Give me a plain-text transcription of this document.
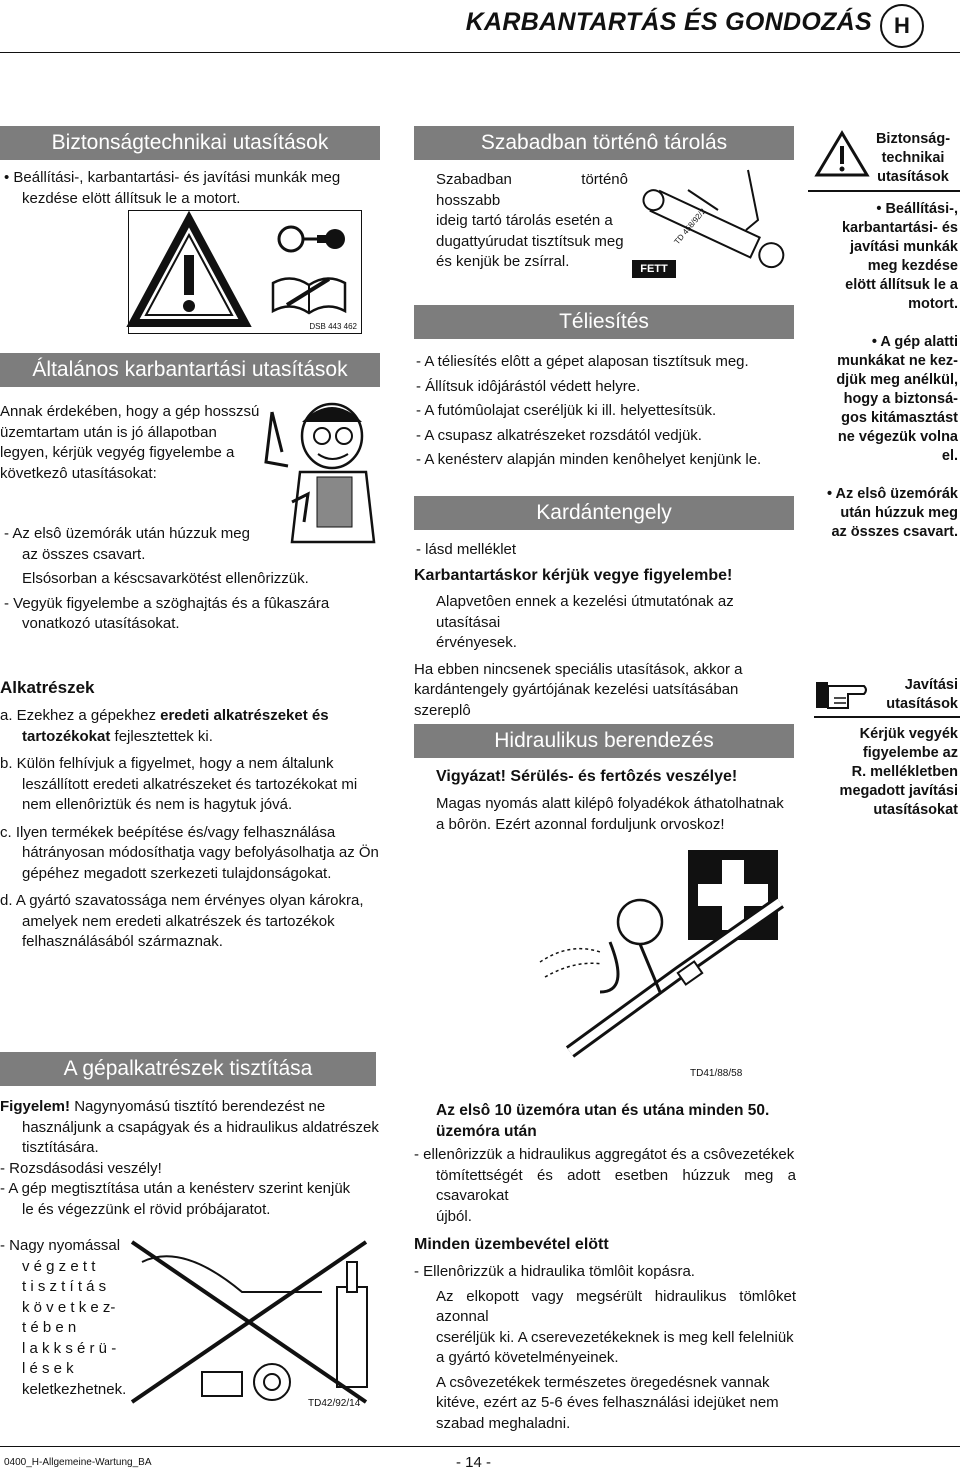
KARBANTARTÁS ÉS GONDOZÁS	H
Biztonságtechnikai utasítások
• Beállítási-, karbantartási- és javítási munkák meg
kezdése elött állítsuk le a motort.
DSB 443 462
Általános karbantartási utasítások
Annak érdekében, hogy a gép hosszsú
üzemtartam után is jó állapotban
legyen, kérjük vegyég figyelembe a
következô utasításokat:
- Az elsô üzemórák után húzzuk meg
az összes csavart.
Elsósorban a késcsavarkötést ellenôrizzük.
- Vegyük figyelembe a szöghajtás és a fûkaszára
vonatkozó utasításokat.
Alkatrészek
a. Ezekhez a gépekhez eredeti alkatrészeket és
tartozékokat fejlesztettek ki.
b. Külön felhívjuk a figyelmet, hogy a nem általunk
leszállított eredeti alkatrészeket és tartozékokat mi
nem ellenôriztük és nem is hagytuk jóvá.
c. Ilyen termékek beépítése és/vagy felhasználása
hátrányosan módosíthatja vagy befolyásolhatja az Ön
gépéhez megadott szerkezeti tulajdonságokat.
d. A gyártó szavatossága nem érvényes olyan károkra,
amelyek nem eredeti alkatrészek és tartozékok
felhasználásából származnak.
A gépalkatrészek tisztítása
Figyelem! Nagynyomású tisztító berendezést ne
használjunk a csapágyak és a hidraulikus aldatrészek
tisztítására.
- Rozsdásodási veszély!
- A gép megtisztítása után a kenésterv szerint kenjük
le és végezzünk el rövid próbájaratot.
- Nagy nyomással
v é g z e t t
t i s z t í t á s
k ö v e t k e z-
t é b e n
l a k k s é r ü -
l é s e k
keletkezhetnek.
TD42/92/14
Szabadban történô tárolás
Szabadban történô hosszabb
ideig tartó tárolás esetén a
dugattyúrudat tisztítsuk meg
és kenjük be zsírral.
TD 458/92/2
FETT
Téliesítés
- A téliesítés elôtt a gépet alaposan tisztítsuk meg.
- Állítsuk idôjárástól védett helyre.
- A futómûolajat cseréljük ki ill. helyettesítsük.
- A csupasz alkatrészeket rozsdától vedjük.
- A kenésterv alapján minden kenôhelyet kenjünk le.
Kardántengely
- lásd melléklet
Karbantartáskor kérjük vegye figyelembe!
Alapvetôen ennek a kezelési útmutatónak az utasításai
érvényesek.
Ha ebben nincsenek speciális utasítások, akkor a
kardántengely gyártójának kezelési uatsításában szereplô
Hidraulikus berendezés
Vigyázat! Sérülés- és fertôzés veszélye!
Magas nyomás alatt kilépô folyadékok áthatolhatnak
a bôrön. Ezért azonnal forduljunk orvoskoz!
TD41/88/58
Az elsô 10 üzemóra utan és utána minden 50.
üzemóra után
- ellenôrizzük a hidraulikus aggregátot és a csôvezetékek
tömítettségét és adott esetben húzzuk meg a csavarokat
újból.
Minden üzembevétel elött
- Ellenôrizzük a hidraulika tömlôit kopásra.
Az elkopott vagy megsérült hidraulikus tömlôket azonnal
cseréljük ki. A cserevezetékeknek is meg kell felelniük
a gyártó követelményeinek.
A csôvezetékek természetes öregedésnek vannak
kitéve, ezért az 5-6 éves felhasználási idejüket nem
szabad meghaladni.
Biztonság-
technikai
utasítások
• Beállítási-,
karbantartási- és
javítási munkák
meg kezdése
elött állítsuk le a
motort.
• A gép alatti
munkákat ne kez-
djük meg anélkül,
hogy a biztonsá-
gos kitámasztást
ne végezük volna
el.
• Az elsô üzemórák
után húzzuk meg
az összes csavart.
Javítási
utasítások
Kérjük vegyék
figyelembe az
R. mellékletben
megadott javítási
utasításokat
0400_H-Allgemeine-Wartung_BA	- 14 -
